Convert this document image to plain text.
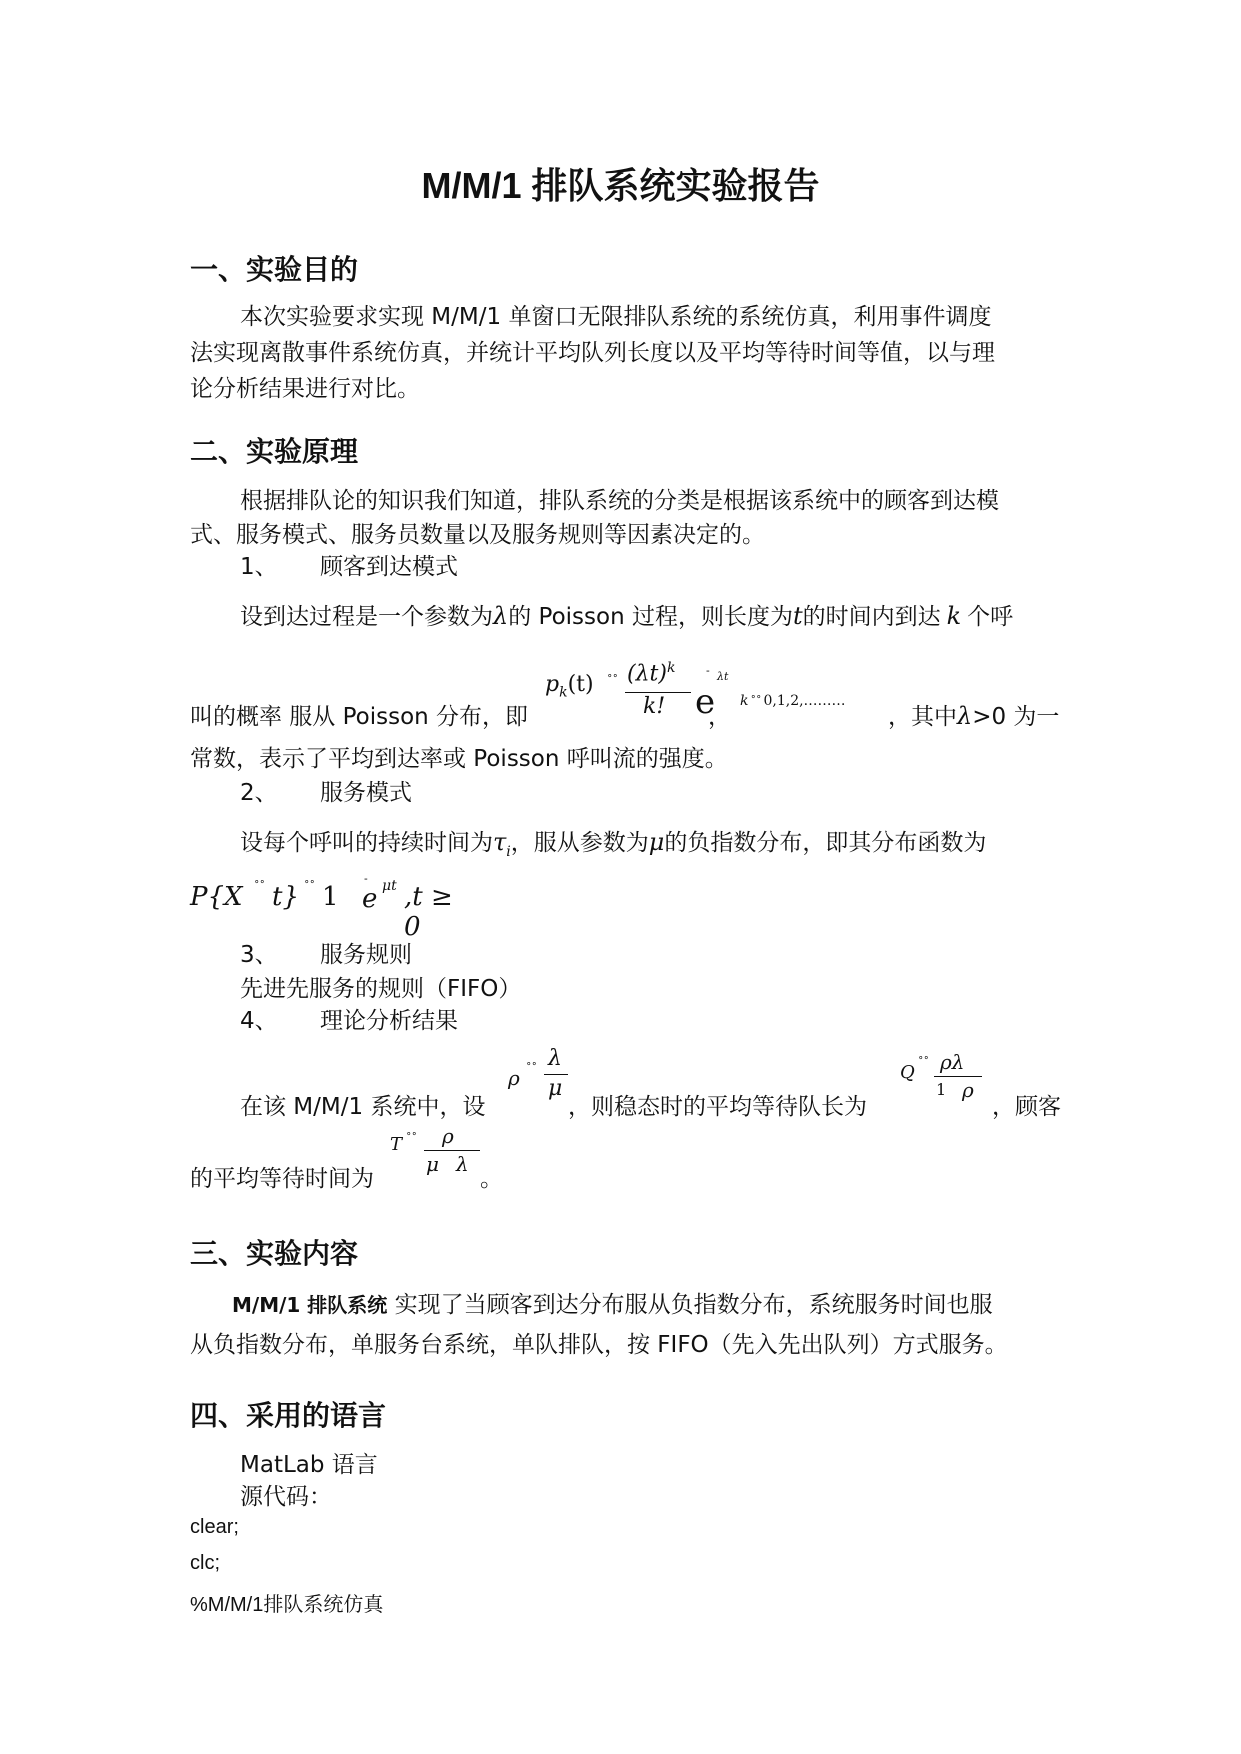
M/M/1 排队系统实验报告
一、实验目的
本次实验要求实现 M/M/1 单窗口无限排队系统的系统仿真，利用事件调度
法实现离散事件系统仿真，并统计平均队列长度以及平均等待时间等值，以与理
论分析结果进行对比。
二、实验原理
根据排队论的知识我们知道，排队系统的分类是根据该系统中的顾客到达模
式、服务模式、服务员数量以及服务规则等因素决定的。
1、 顾客到达模式
设到达过程是一个参数为λ的 Poisson 过程，则长度为t的时间内到达 k 个呼
叫的概率 服从 Poisson 分布，即
$p_k(t)$ ˚˚ $(\lambda t)^k$
k! e
- λt
，
k ˚˚ 0,1,2,………
，其中λ>0 为一
常数，表示了平均到达率或 Poisson 呼叫流的强度。
2、 服务模式
设每个呼叫的持续时间为$\tau_i$，服从参数为μ的负指数分布，即其分布函数为
P{X ˚˚ t} ˚˚ 1 e
- μt ,t ≥ 0
3、 服务规则
先进先服务的规则（FIFO）
4、 理论分析结果
在该 M/M/1 系统中，设
ρ ˚˚ λ
μ
，则稳态时的平均等待队长为
Q ˚˚ ρλ
1 ρ
，顾客
的平均等待时间为
T ˚˚ ρ
μ λ
。
三、实验内容
M/M/1 排队系统 实现了当顾客到达分布服从负指数分布，系统服务时间也服
从负指数分布，单服务台系统，单队排队，按 FIFO（先入先出队列）方式服务。
四、采用的语言
MatLab 语言
源代码：
clear;
clc;
%M/M/1排队系统仿真
